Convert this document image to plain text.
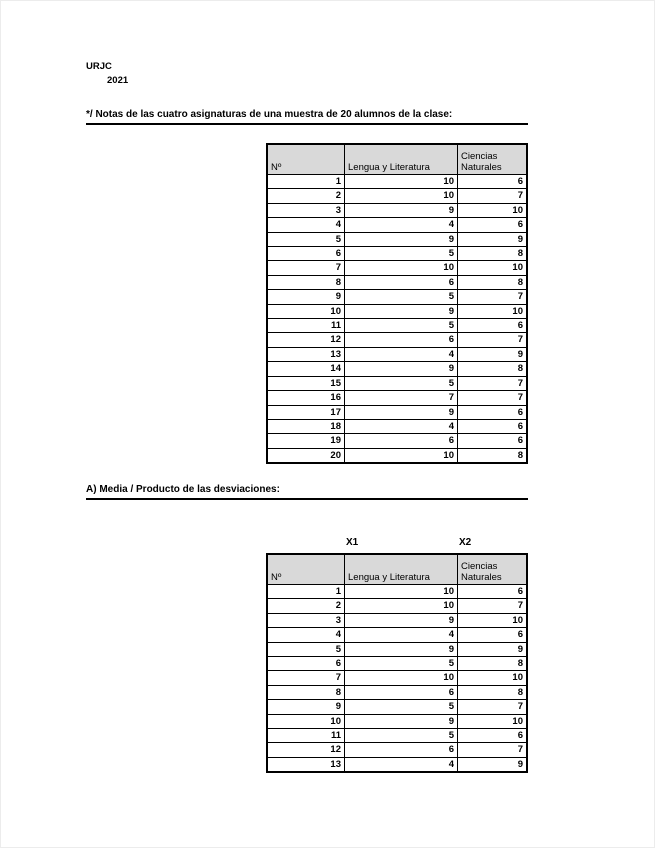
URJC
2021
*/ Notas de las cuatro asignaturas de una muestra de 20 alumnos de la clase:
Nº	Lengua y Literatura	Ciencias Naturales
1	10	6
2	10	7
3	9	10
4	4	6
5	9	9
6	5	8
7	10	10
8	6	8
9	5	7
10	9	10
11	5	6
12	6	7
13	4	9
14	9	8
15	5	7
16	7	7
17	9	6
18	4	6
19	6	6
20	10	8
A) Media / Producto de las desviaciones:
X1	X2
Nº	Lengua y Literatura	Ciencias Naturales
1	10	6
2	10	7
3	9	10
4	4	6
5	9	9
6	5	8
7	10	10
8	6	8
9	5	7
10	9	10
11	5	6
12	6	7
13	4	9
